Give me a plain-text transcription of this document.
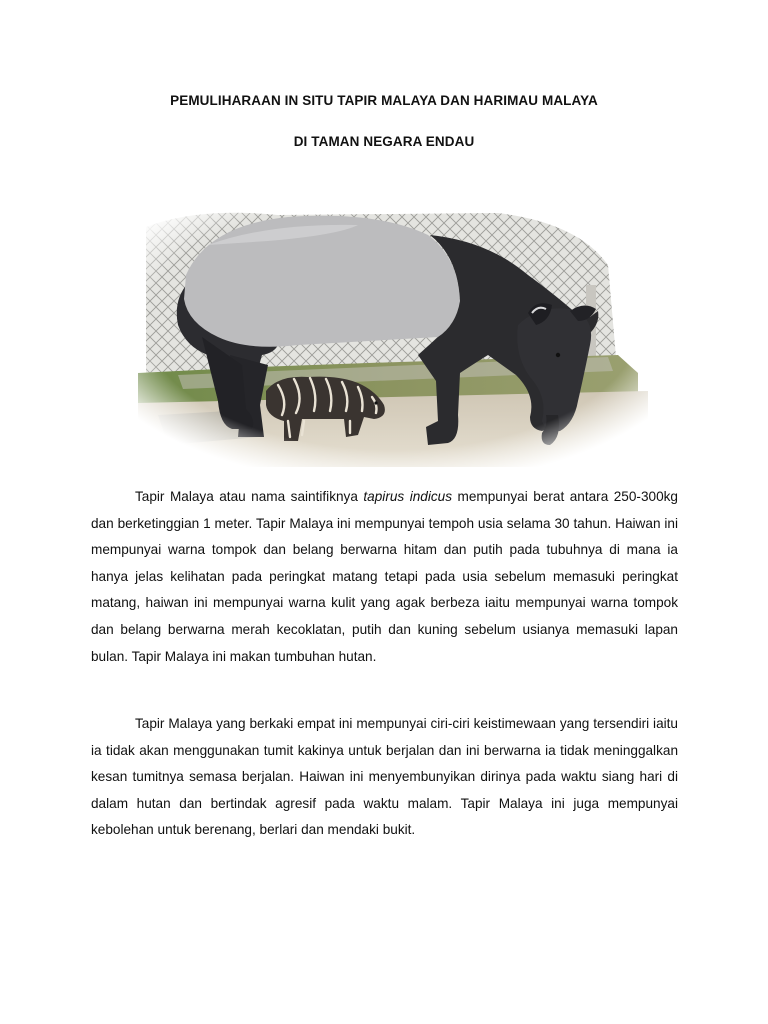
PEMULIHARAAN IN SITU TAPIR MALAYA DAN HARIMAU MALAYA
DI TAMAN NEGARA ENDAU

Tapir Malaya atau nama saintifiknya tapirus indicus mempunyai berat antara 250-300kg dan berketinggian 1 meter. Tapir Malaya ini mempunyai tempoh usia selama 30 tahun. Haiwan ini mempunyai warna tompok dan belang berwarna hitam dan putih pada tubuhnya di mana ia hanya jelas kelihatan pada peringkat matang tetapi pada usia sebelum memasuki peringkat matang, haiwan ini mempunyai warna kulit yang agak berbeza iaitu mempunyai warna tompok dan belang berwarna merah kecoklatan, putih dan kuning sebelum usianya memasuki lapan bulan. Tapir Malaya ini makan tumbuhan hutan.

Tapir Malaya yang berkaki empat ini mempunyai ciri-ciri keistimewaan yang tersendiri iaitu ia tidak akan menggunakan tumit kakinya untuk berjalan dan ini berwarna ia tidak meninggalkan kesan tumitnya semasa berjalan. Haiwan ini menyembunyikan dirinya pada waktu siang hari di dalam hutan dan bertindak agresif pada waktu malam. Tapir Malaya ini juga mempunyai kebolehan untuk berenang, berlari dan mendaki bukit.
